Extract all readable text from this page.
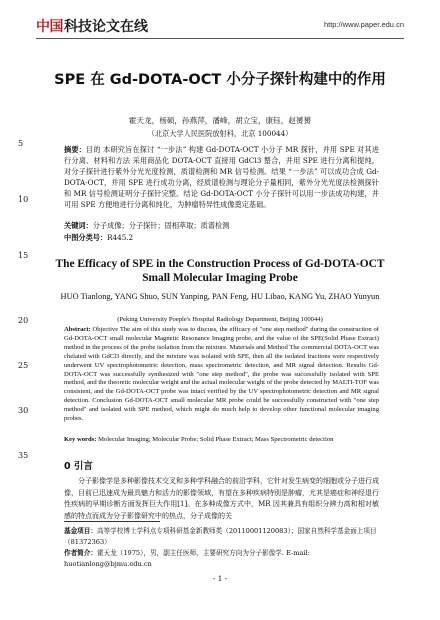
中国 科技论文在线	http://www.paper.edu.cn
5
10
15
20
25
30
35
SPE 在 Gd-DOTA-OCT 小分子探针构建中的作用
霍天龙，杨硕，孙燕萍，潘峰，胡立宝，康钰，赵赟赟
（北京大学人民医院放射科，北京 100044）

摘要：目的 本研究旨在探讨 “一步法” 构建 Gd-DOTA-OCT 小分子 MR 探针，并用 SPE 对其进行分离、材料和方法 采用商品化 DOTA-OCT 直接用 GdCl3 螯合，并用 SPE 进行分离和提纯，对分子探针进行紫外分光光度检测，质谱检测和 MR 信号检测。结果 “一步法” 可以成功合成 Gd-DOTA-OCT，并用 SPE 进行成功分离，经质谱检测与理论分子量相同，紫外分光光度法检测探针和 MR 信号检测证明分子探针完整。结论 Gd-DOTA-OCT 小分子探针可以用一步法成功构建，并可用 SPE 方便地进行分离和纯化，为肿瘤特异性成像奠定基础。

关键词：分子成像；分子探针；固相萃取；质谱检测

中图分类号：R445.2

The Efficacy of SPE in the Construction Process of Gd-DOTA-OCT Small Molecular Imaging Probe
HUO Tianlong, YANG Shuo, SUN Yanping, PAN Feng, HU Libao, KANG Yu, ZHAO Yunyun
(Peking University Poeple's Hospital Radiology Department, Beijing 100044)

Abstract: Objective The aim of this study was to discuss, the efficacy of "one step method" during the construction of Gd-DOTA-OCT small molecular Magnetic Resonance Imaging probe, and the value of the SPE(Solid Phase Extract) method in the process of the probe isolation from the mixture. Materials and Method The commercial DOTA-OCT was chelated with GdCl3 directly, and the mixture was isolated with SPE, then all the isolated fractions were respectively underwent UV spectrophotometric detection, mass spectrometric detection, and MR signal detection. Results Gd-DOTA-OCT was successfully synthesized with "one step method", the probe was successfully isolated with SPE method, and the theoretic molecular weight and the actual molecular weight of the probe detected by MALTI-TOF was consistent, and the Gd-DOTA-OCT probe was intact verified by the UV spectrophotometric detection and MR signal detection. Conclusion Gd-DOTA-OCT small molecular MR probe could be successfully constructed with "one step method" and isolated with SPE method, which might do much help to develop other functional molecular imaging probes.

Key words: Molecular Imaging; Molecular Probe; Solid Phase Extract; Mass Spectrometric detection

0 引言

分子影像学是多种影像技术交叉和多种学科融合的前沿学科，它针对发生病变的细胞或分子进行成像，目前已迅速成为最具魅力和活力的影像领域，有望在多种疾病特别是肿瘤，尤其是癌症和神经退行性疾病的早期诊断方面发挥巨大作用[1]。在多种成像方式中，MR 因其兼具有组织分辨力高和相对敏感的特点而成为分子影像研究中的热点，分子成像的关

基金项目：高等学校博士学科点专项科研基金新教师类（20110001120083）；国家自然科学基金面上项目（81372363）

作者简介：霍天龙（1975），男，副主任医师，主要研究方向为分子影像学. E-mail: huotianlong@bjmu.edu.cn

- 1 -
